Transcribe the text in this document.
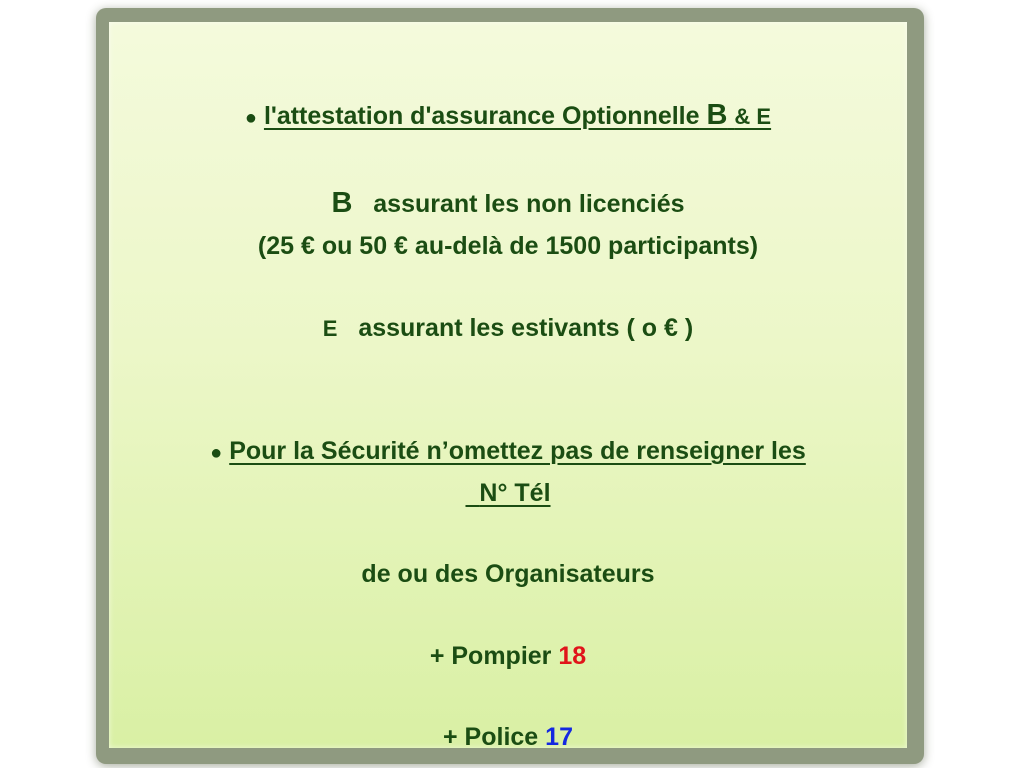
● l'attestation d'assurance Optionnelle B & E
B assurant les non licenciés
(25 € ou 50 € au-delà de 1500 participants)
E assurant les estivants ( o € )
● Pour la Sécurité n’omettez pas de renseigner les
N° Tél
de ou des Organisateurs
+ Pompier 18
+ Police 17
